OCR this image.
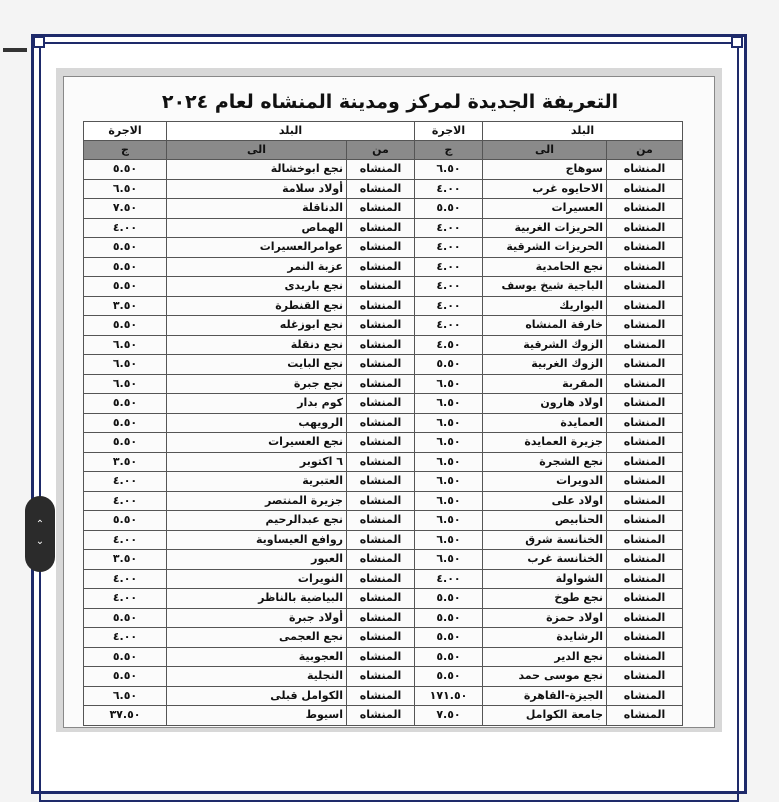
التعريفة الجديدة لمركز ومدينة المنشاه لعام ٢٠٢٤
البلد		الاجرة	البلد		الاجرة
من	الى	ج	من	الى	ج
المنشاه	سوهاج	٦.٥٠	المنشاه	نجع ابوخشالة	٥.٥٠
المنشاه	الاحايوه غرب	٤.٠٠	المنشاه	أولاد سلامة	٦.٥٠
المنشاه	العسيرات	٥.٥٠	المنشاه	الدناقلة	٧.٥٠
المنشاه	الحريزات الغربية	٤.٠٠	المنشاه	الهماص	٤.٠٠
المنشاه	الحريزات الشرقية	٤.٠٠	المنشاه	عوامرالعسيرات	٥.٥٠
المنشاه	نجع الحامدية	٤.٠٠	المنشاه	عزبة النمر	٥.٥٠
المنشاه	الباجية شيخ يوسف	٤.٠٠	المنشاه	نجع باريدى	٥.٥٠
المنشاه	البواريك	٤.٠٠	المنشاه	نجع القنطرة	٣.٥٠
المنشاه	خارقة المنشاه	٤.٠٠	المنشاه	نجع ابوزغله	٥.٥٠
المنشاه	الزوك الشرقية	٤.٥٠	المنشاه	نجع دنقلة	٦.٥٠
المنشاه	الزوك الغربية	٥.٥٠	المنشاه	نجع البايت	٦.٥٠
المنشاه	المقربة	٦.٥٠	المنشاه	نجع جبرة	٦.٥٠
المنشاه	اولاد هارون	٦.٥٠	المنشاه	كوم بدار	٥.٥٠
المنشاه	العمايدة	٦.٥٠	المنشاه	الرويهب	٥.٥٠
المنشاه	جزيرة العمايدة	٦.٥٠	المنشاه	نجع العسيرات	٥.٥٠
المنشاه	نجع الشجرة	٦.٥٠	المنشاه	٦ اكتوبر	٣.٥٠
المنشاه	الدويرات	٦.٥٠	المنشاه	العتبرية	٤.٠٠
المنشاه	اولاد على	٦.٥٠	المنشاه	جزيرة المنتصر	٤.٠٠
المنشاه	الحنابيص	٦.٥٠	المنشاه	نجع عبدالرحيم	٥.٥٠
المنشاه	الخنانسة شرق	٦.٥٠	المنشاه	روافع العيساوية	٤.٠٠
المنشاه	الخنانسة غرب	٦.٥٠	المنشاه	العبور	٣.٥٠
المنشاه	الشواولة	٤.٠٠	المنشاه	النويرات	٤.٠٠
المنشاه	نجع طوخ	٥.٥٠	المنشاه	البياضية بالناظر	٤.٠٠
المنشاه	اولاد حمزة	٥.٥٠	المنشاه	أولاد جبرة	٥.٥٠
المنشاه	الرشايدة	٥.٥٠	المنشاه	نجع العجمى	٤.٠٠
المنشاه	نجع الدير	٥.٥٠	المنشاه	العجوبية	٥.٥٠
المنشاه	نجع موسى حمد	٥.٥٠	المنشاه	النجلية	٥.٥٠
المنشاه	الجيزة-القاهرة	١٧١.٥٠	المنشاه	الكوامل قبلى	٦.٥٠
المنشاه	جامعة الكوامل	٧.٥٠	المنشاه	اسيوط	٣٧.٥٠
⌃
⌄
